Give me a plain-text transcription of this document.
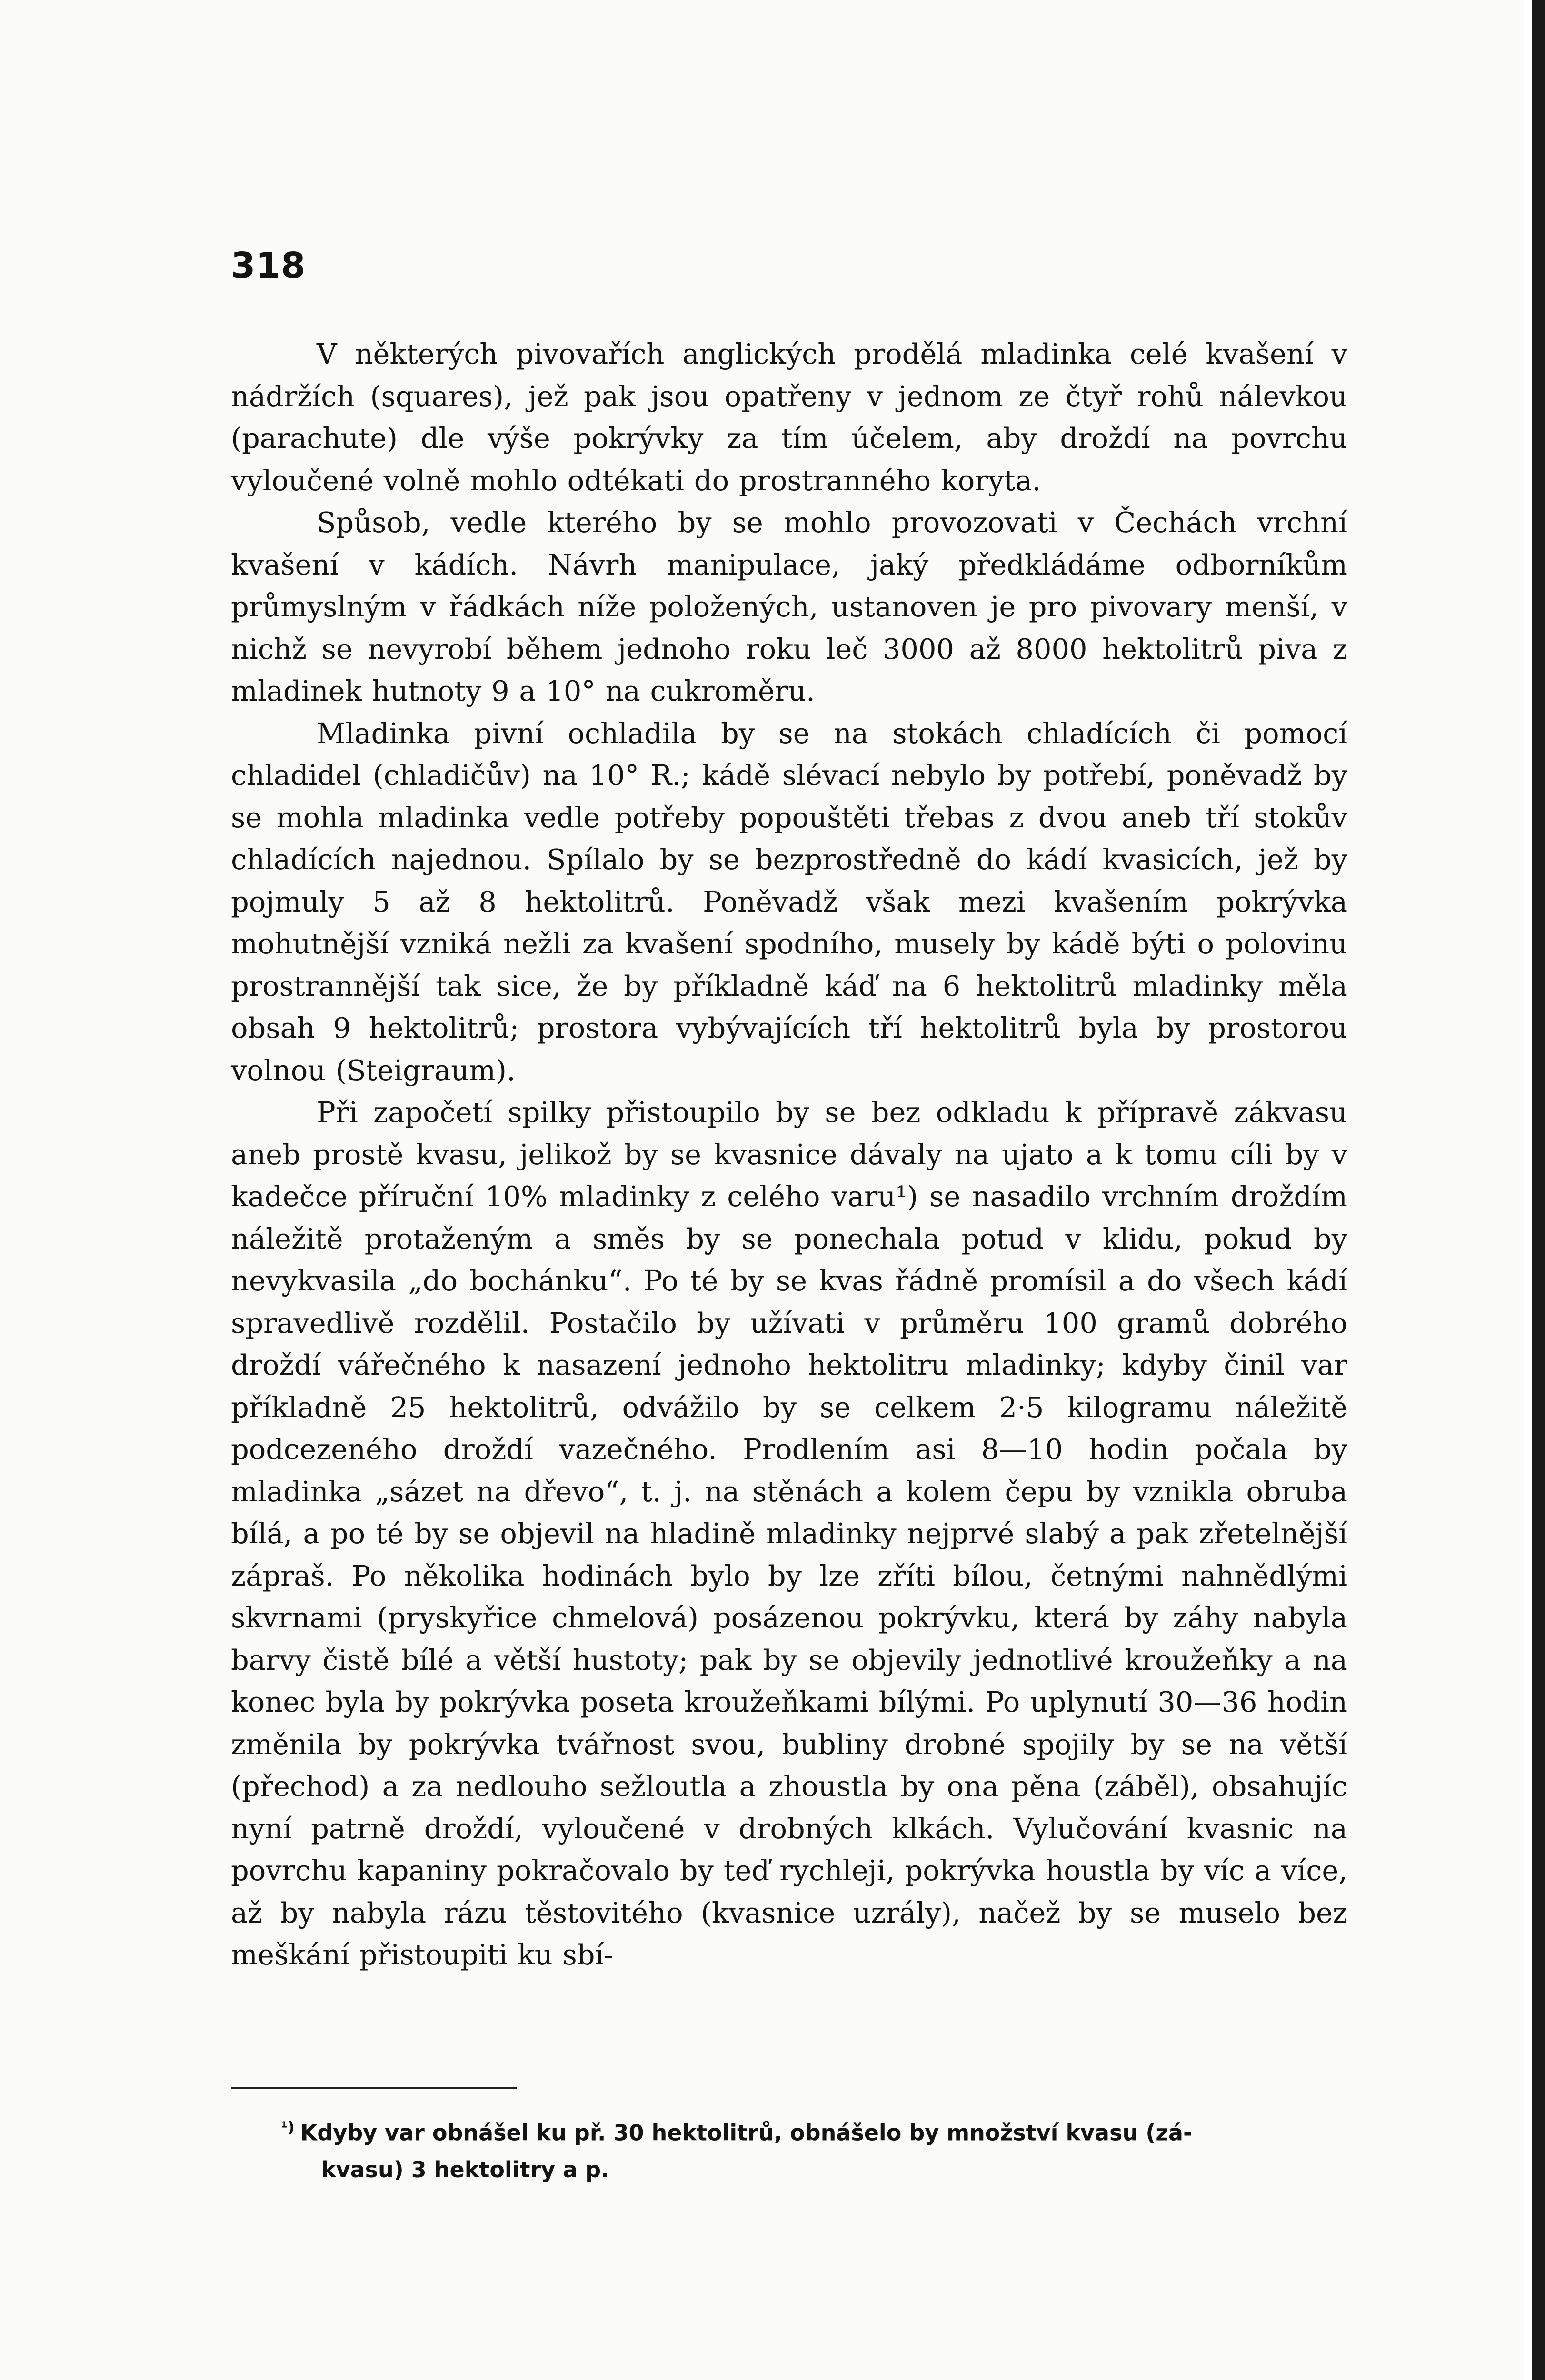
318

V některých pivovařích anglických prodělá mladinka celé kvašení v nádržích (squares), jež pak jsou opatřeny v jednom ze čtyř rohů nálevkou (parachute) dle výše pokrývky za tím účelem, aby droždí na povrchu vyloučené volně mohlo odtékati do prostranného koryta.

Spůsob, vedle kterého by se mohlo provozovati v Čechách vrchní kvašení v kádích. Návrh manipulace, jaký předkládáme odborníkům průmyslným v řádkách níže položených, ustanoven je pro pivovary menší, v nichž se nevyrobí během jednoho roku leč 3000 až 8000 hektolitrů piva z mladinek hutnoty 9 a 10° na cukroměru.

Mladinka pivní ochladila by se na stokách chladících či pomocí chladidel (chladičův) na 10° R.; kádě slévací nebylo by potřebí, poněvadž by se mohla mladinka vedle potřeby popouštěti třebas z dvou aneb tří stokův chladících najednou. Spílalo by se bezprostředně do kádí kvasicích, jež by pojmuly 5 až 8 hektolitrů. Poněvadž však mezi kvašením pokrývka mohutnější vzniká nežli za kvašení spodního, musely by kádě býti o polovinu prostrannější tak sice, že by příkladně káď na 6 hektolitrů mladinky měla obsah 9 hektolitrů; prostora vybývajících tří hektolitrů byla by prostorou volnou (Steigraum).

Při započetí spilky přistoupilo by se bez odkladu k přípravě zákvasu aneb prostě kvasu, jelikož by se kvasnice dávaly na ujato a k tomu cíli by v kadečce příruční 10% mladinky z celého varu¹) se nasadilo vrchním droždím náležitě protaženým a směs by se ponechala potud v klidu, pokud by nevykvasila „do bochánku“. Po té by se kvas řádně promísil a do všech kádí spravedlivě rozdělil. Postačilo by užívati v průměru 100 gramů dobrého droždí vářečného k nasazení jednoho hektolitru mladinky; kdyby činil var příkladně 25 hektolitrů, odvážilo by se celkem 2·5 kilogramu náležitě podcezeného droždí vazečného. Prodlením asi 8—10 hodin počala by mladinka „sázet na dřevo“, t. j. na stěnách a kolem čepu by vznikla obruba bílá, a po té by se objevil na hladině mladinky nejprvé slabý a pak zřetelnější zápraš. Po několika hodinách bylo by lze zříti bílou, četnými nahnědlými skvrnami (pryskyřice chmelová) posázenou pokrývku, která by záhy nabyla barvy čistě bílé a větší hustoty; pak by se objevily jednotlivé kroužeňky a na konec byla by pokrývka poseta kroužeňkami bílými. Po uplynutí 30—36 hodin změnila by pokrývka tvářnost svou, bubliny drobné spojily by se na větší (přechod) a za nedlouho sežloutla a zhoustla by ona pěna (záběl), obsahujíc nyní patrně droždí, vyloučené v drobných klkách. Vylučování kvasnic na povrchu kapaniny pokračovalo by teď rychleji, pokrývka houstla by víc a více, až by nabyla rázu těstovitého (kvasnice uzrály), načež by se muselo bez meškání přistoupiti ku sbí-

$^{^1)}$ Kdyby var obnášel ku př. 30 hektolitrů, obnášelo by množství kvasu (zá-
kvasu) 3 hektolitry a p.
